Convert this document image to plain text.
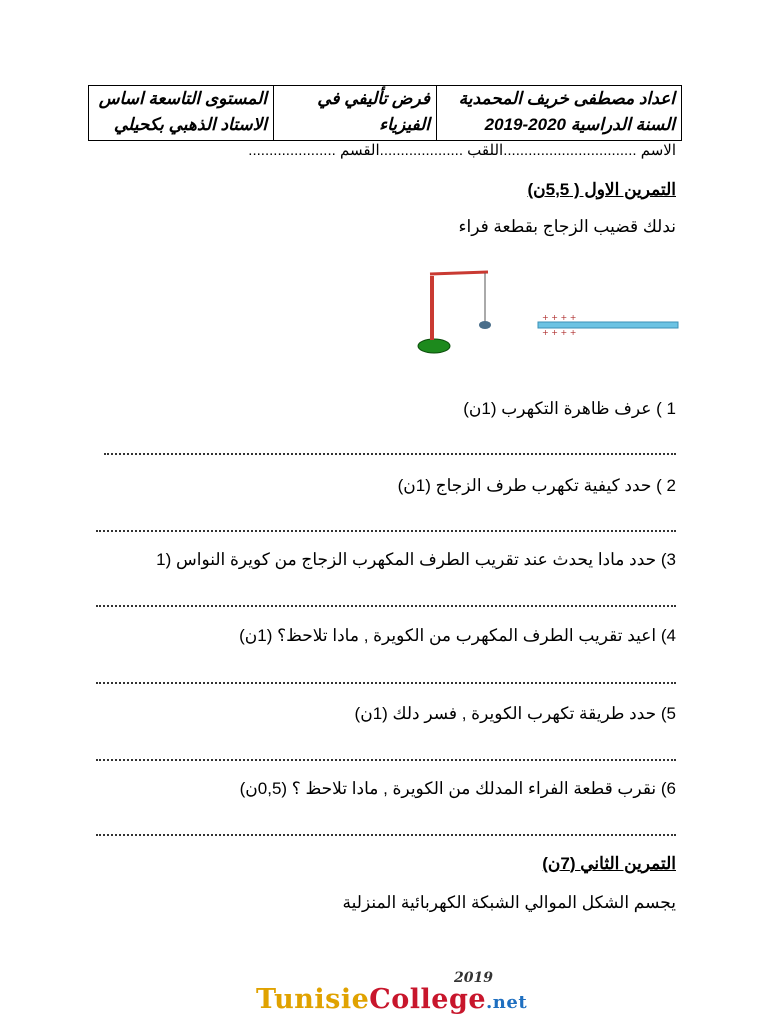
اعداد مصطفى خريف المحمدية
السنة الدراسية 2020-2019

فرض تأليفي في
الفيزياء

المستوى التاسعة اساس
الاستاد الذهبي بكحيلي
الاسم ................................اللقب ....................القسم .....................
التمرين الاول ( 5,5ن)
ندلك قضيب الزجاج بقطعة فراء
+ + + +
+ + + +
1 ) عرف ظاهرة التكهرب (1ن)
2 ) حدد كيفية تكهرب طرف الزجاج (1ن)
3) حدد مادا يحدث عند تقريب الطرف المكهرب الزجاج من كويرة النواس (1
4) اعيد تقريب الطرف المكهرب من الكويرة , مادا تلاحظ؟ (1ن)
5) حدد طريقة تكهرب الكويرة , فسر دلك (1ن)
6) نقرب قطعة الفراء المدلك من الكويرة , مادا تلاحظ ؟ (0,5ن)
التمرين الثاني (7ن)
يجسم الشكل الموالي الشبكة الكهربائية المنزلية
2019
TunisieCollege.net
